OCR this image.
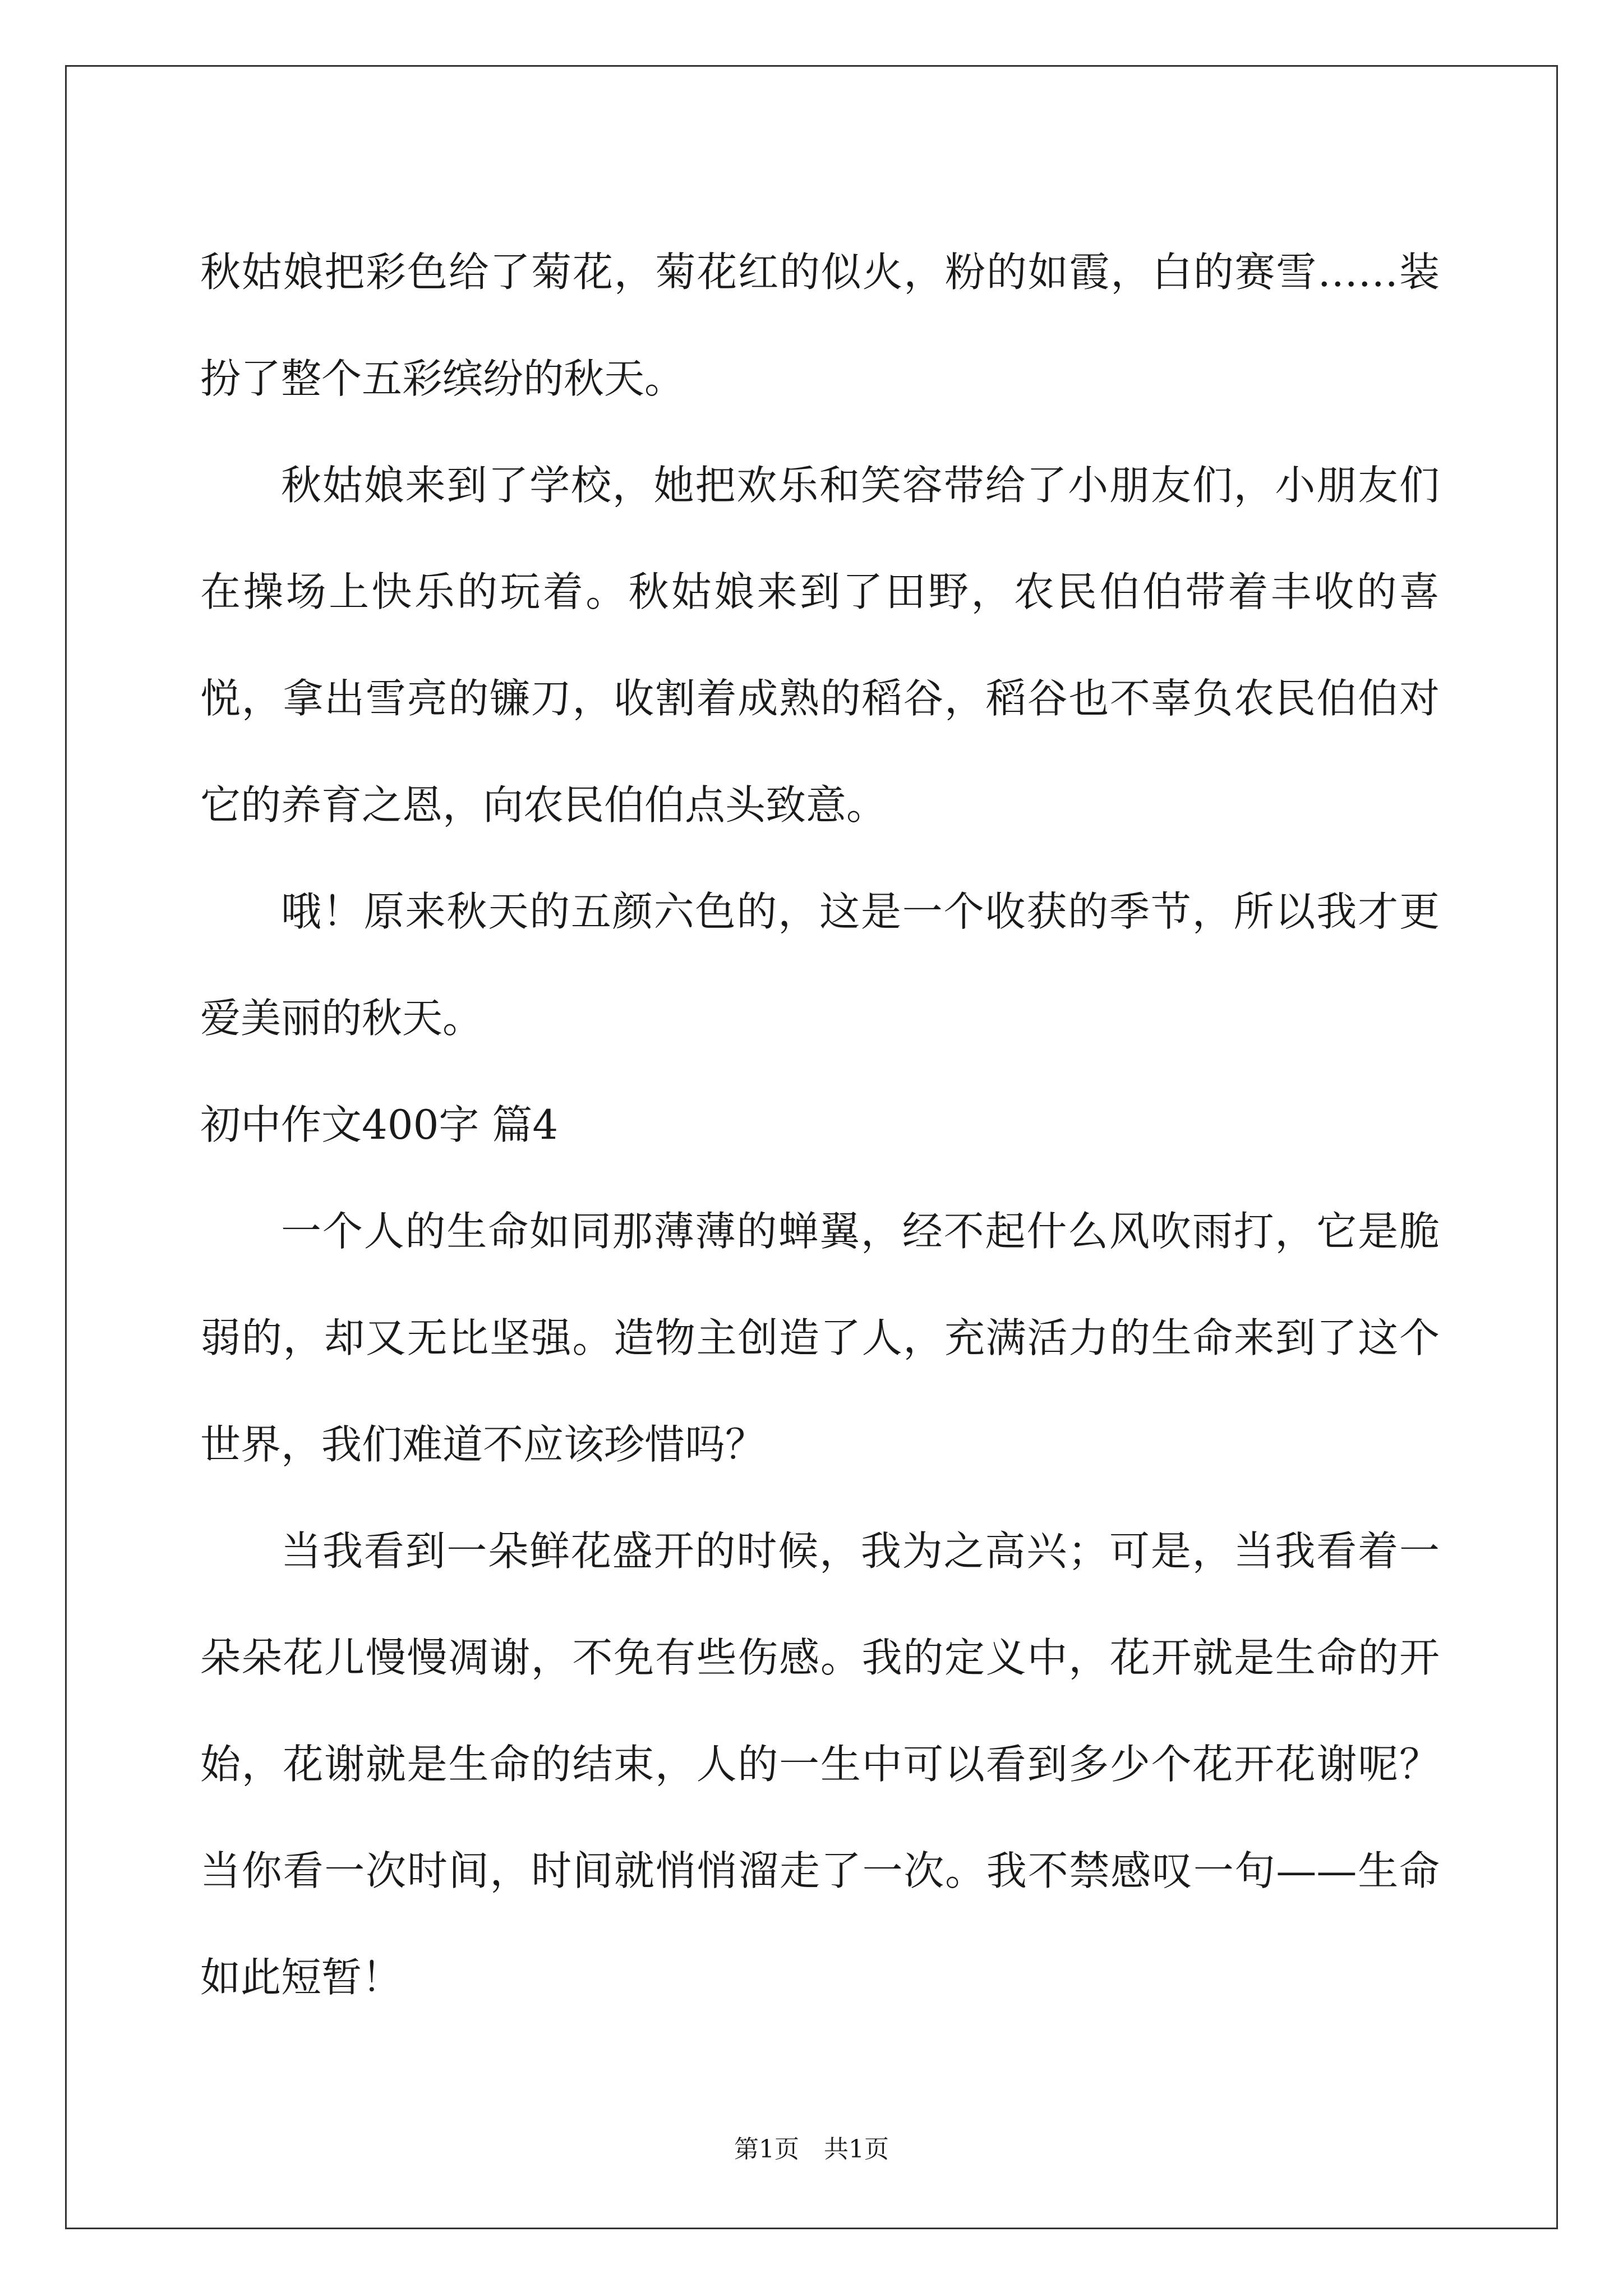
秋姑娘把彩色给了菊花，菊花红的似火，粉的如霞，白的赛雪……装扮了整个五彩缤纷的秋天。

秋姑娘来到了学校，她把欢乐和笑容带给了小朋友们，小朋友们在操场上快乐的玩着。秋姑娘来到了田野，农民伯伯带着丰收的喜悦，拿出雪亮的镰刀，收割着成熟的稻谷，稻谷也不辜负农民伯伯对它的养育之恩，向农民伯伯点头致意。

哦！原来秋天的五颜六色的，这是一个收获的季节，所以我才更爱美丽的秋天。

初中作文400字 篇4

一个人的生命如同那薄薄的蝉翼，经不起什么风吹雨打，它是脆弱的，却又无比坚强。造物主创造了人，充满活力的生命来到了这个世界，我们难道不应该珍惜吗？

当我看到一朵鲜花盛开的时候，我为之高兴；可是，当我看着一朵朵花儿慢慢凋谢，不免有些伤感。我的定义中，花开就是生命的开始，花谢就是生命的结束，人的一生中可以看到多少个花开花谢呢？当你看一次时间，时间就悄悄溜走了一次。我不禁感叹一句——生命如此短暂！

第1页 共1页
